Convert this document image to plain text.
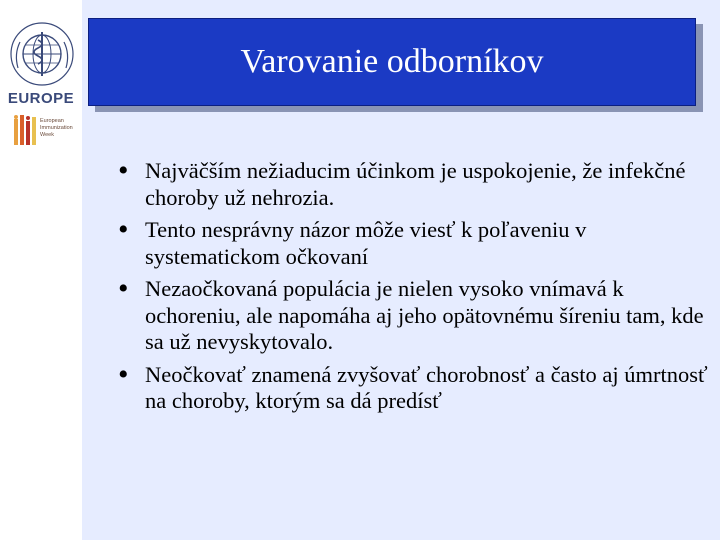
EUROPE
European
Immunization
Week
Varovanie odborníkov
• Najväčším nežiaducim účinkom je uspokojenie, že infekčné choroby už nehrozia.
• Tento nesprávny názor môže viesť k poľaveniu v systematickom očkovaní
• Nezaočkovaná populácia je nielen vysoko vnímavá k ochoreniu, ale napomáha aj jeho opätovnému šíreniu tam, kde sa už nevyskytovalo.
• Neočkovať znamená zvyšovať chorobnosť a často aj úmrtnosť na choroby, ktorým sa dá predísť
